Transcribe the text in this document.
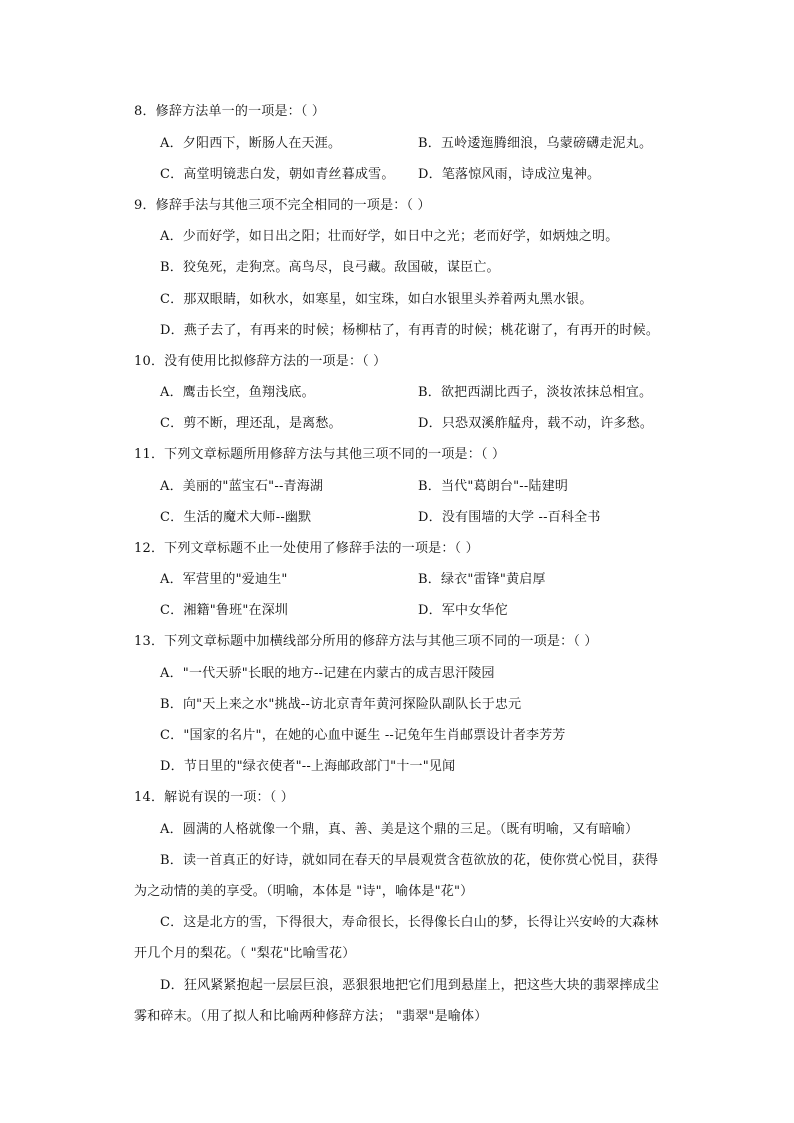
8．修辞方法单一的一项是：（ ）
A．夕阳西下，断肠人在天涯。	B．五岭逶迤腾细浪，乌蒙磅礴走泥丸。
C．高堂明镜悲白发，朝如青丝暮成雪。 D．笔落惊风雨，诗成泣鬼神。
9．修辞手法与其他三项不完全相同的一项是：（ ）
A．少而好学，如日出之阳；壮而好学，如日中之光；老而好学，如炳烛之明。
B．狡兔死，走狗烹。高鸟尽，良弓藏。敌国破，谋臣亡。
C．那双眼睛，如秋水，如寒星，如宝珠，如白水银里头养着两丸黑水银。
D．燕子去了，有再来的时候；杨柳枯了，有再青的时候；桃花谢了，有再开的时候。
10．没有使用比拟修辞方法的一项是：（ ）
A．鹰击长空，鱼翔浅底。	B．欲把西湖比西子，淡妆浓抹总相宜。
C．剪不断，理还乱，是离愁。	D．只恐双溪舴艋舟，载不动，许多愁。
11．下列文章标题所用修辞方法与其他三项不同的一项是：（ ）
A．美丽的"蓝宝石"--青海湖	B．当代"葛朗台"--陆建明
C．生活的魔术大师--幽默	D．没有围墙的大学 --百科全书
12．下列文章标题不止一处使用了修辞手法的一项是：（ ）
A．军营里的"爱迪生"	B．绿衣"雷锋"黄启厚
C．湘籍"鲁班"在深圳	D．军中女华佗
13．下列文章标题中加横线部分所用的修辞方法与其他三项不同的一项是：（ ）
A．"一代天骄"长眠的地方--记建在内蒙古的成吉思汗陵园
B．向"天上来之水"挑战--访北京青年黄河探险队副队长于忠元
C．"国家的名片"，在她的心血中诞生 --记兔年生肖邮票设计者李芳芳
D．节日里的"绿衣使者"--上海邮政部门"十一"见闻
14．解说有误的一项：（ ）
A．圆满的人格就像一个鼎，真、善、美是这个鼎的三足。（既有明喻，又有暗喻）
B．读一首真正的好诗，就如同在春天的早晨观赏含苞欲放的花，使你赏心悦目，获得
为之动情的美的享受。（明喻，本体是 "诗"，喻体是"花"）
C．这是北方的雪，下得很大，寿命很长，长得像长白山的梦，长得让兴安岭的大森林
开几个月的梨花。（ "梨花"比喻雪花）
D．狂风紧紧抱起一层层巨浪，恶狠狠地把它们甩到悬崖上，把这些大块的翡翠摔成尘
雾和碎末。（用了拟人和比喻两种修辞方法； "翡翠"是喻体）
